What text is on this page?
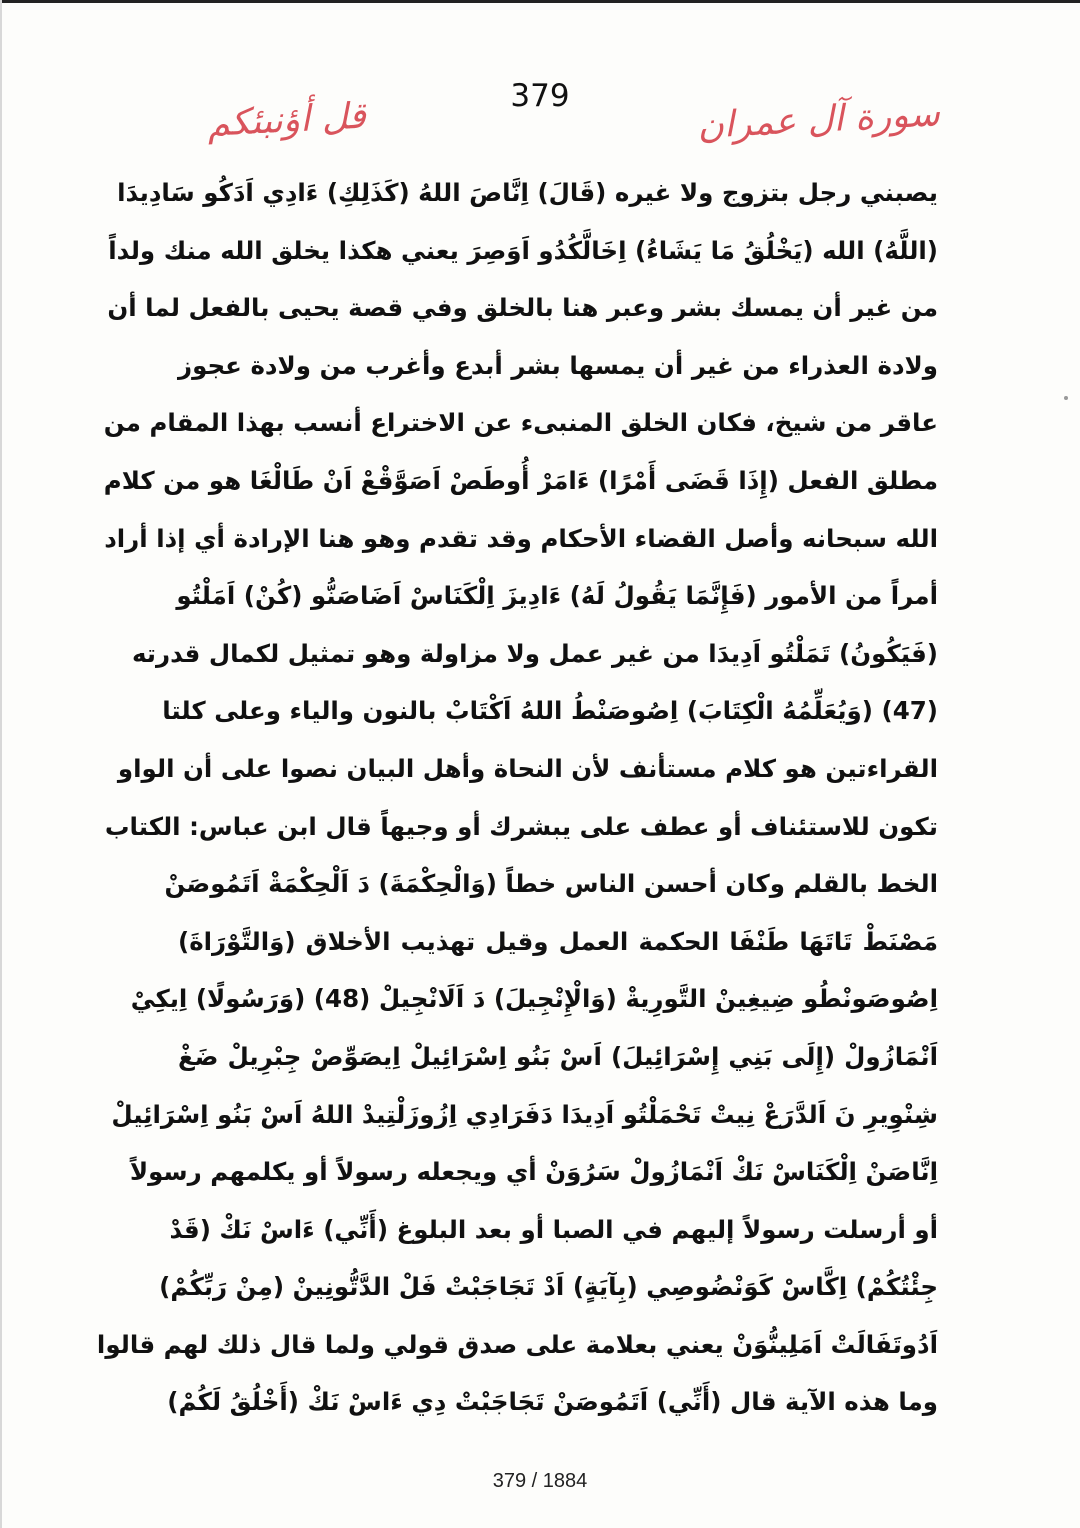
379	سورة آل عمران
قل أؤنبئكم
يصبني رجل بتزوج ولا غيره (قَالَ) اِنَّاصَ اللهُ (كَذَلِكِ) ءَادِي اَدَكُو سَادِيدَا
(اللَّهُ) الله (يَخْلُقُ مَا يَشَاءُ) اِخَالَّكُدُو اَوَصِرَ يعني هكذا يخلق الله منك ولداً
من غير أن يمسك بشر وعبر هنا بالخلق وفي قصة يحيى بالفعل لما أن
ولادة العذراء من غير أن يمسها بشر أبدع وأغرب من ولادة عجوز
عاقر من شيخ، فكان الخلق المنبىء عن الاختراع أنسب بهذا المقام من
مطلق الفعل (إِذَا قَضَى أَمْرًا) ءَامَرْ أُوطَصْ اَصَوَّقْعْ اَنْ طَالْغَا هو من كلام
الله سبحانه وأصل القضاء الأحكام وقد تقدم وهو هنا الإرادة أي إذا أراد
أمراً من الأمور (فَإِنَّمَا يَقُولُ لَهُ) ءَادِيزَ اِلْكَنَاسْ اَضَاصَنُّو (كُنْ) اَمَلْتُو
(فَيَكُونُ) تَمَلْتُو اَدِيدَا من غير عمل ولا مزاولة وهو تمثيل لكمال قدرته
(47) (وَيُعَلِّمُهُ الْكِتَابَ) اِصُوصَنْطُ اللهُ اَكْتَابْ بالنون والياء وعلى كلتا
القراءتين هو كلام مستأنف لأن النحاة وأهل البيان نصوا على أن الواو
تكون للاستئناف أو عطف على يبشرك أو وجيهاً قال ابن عباس: الكتاب
الخط بالقلم وكان أحسن الناس خطاً (وَالْحِكْمَةَ) دَ اَلْحِكْمَةْ اَتَمُوصَنْ
مَصْنَطْ تَاتَهَا طَنْفَا الحكمة العمل وقيل تهذيب الأخلاق (وَالتَّوْرَاةَ)
اِصُوصَونْطُو ضِيغِينْ التَّورِيةْ (وَالْإِنْجِيلَ) دَ اَلَانْجِيلْ (48) (وَرَسُولًا) اِيكِيْ
اَنْمَازُولْ (إِلَى بَنِي إِسْرَائِيلَ) اَسْ بَنُو اِسْرَائِيلْ اِيصَوِّصْ جِبْرِيلْ ضَغْ
شِنْوِيرِ نَ اَلدَّرَعْ نِيتْ تَحْمَلْتُو اَدِيدَا دَفَرَادِي اِزُوزَلْتِيدْ اللهُ اَسْ بَنُو اِسْرَائِيلْ
اِنَّاصَنْ اِلْكَنَاسْ نَكْ اَنْمَازُولْ سَرُوَنْ أي ويجعله رسولاً أو يكلمهم رسولاً
أو أرسلت رسولاً إليهم في الصبا أو بعد البلوغ (أَنِّي) ءَاسْ نَكْ (قَدْ
جِئْتُكُمْ) اِكَّاسْ كَوَنْضُوصِي (بِآيَةٍ) اَدْ تَجَاجَبْتْ فَلْ الدَّتُّونِينْ (مِنْ رَبِّكُمْ)
اَدُوتَفَالَتْ اَمَلِينُّوَنْ يعني بعلامة على صدق قولي ولما قال ذلك لهم قالوا
وما هذه الآية قال (أَنِّي) اَتَمُوصَنْ تَجَاجَبْتْ دِي ءَاسْ نَكْ (أَخْلُقُ لَكُمْ)
379 / 1884
